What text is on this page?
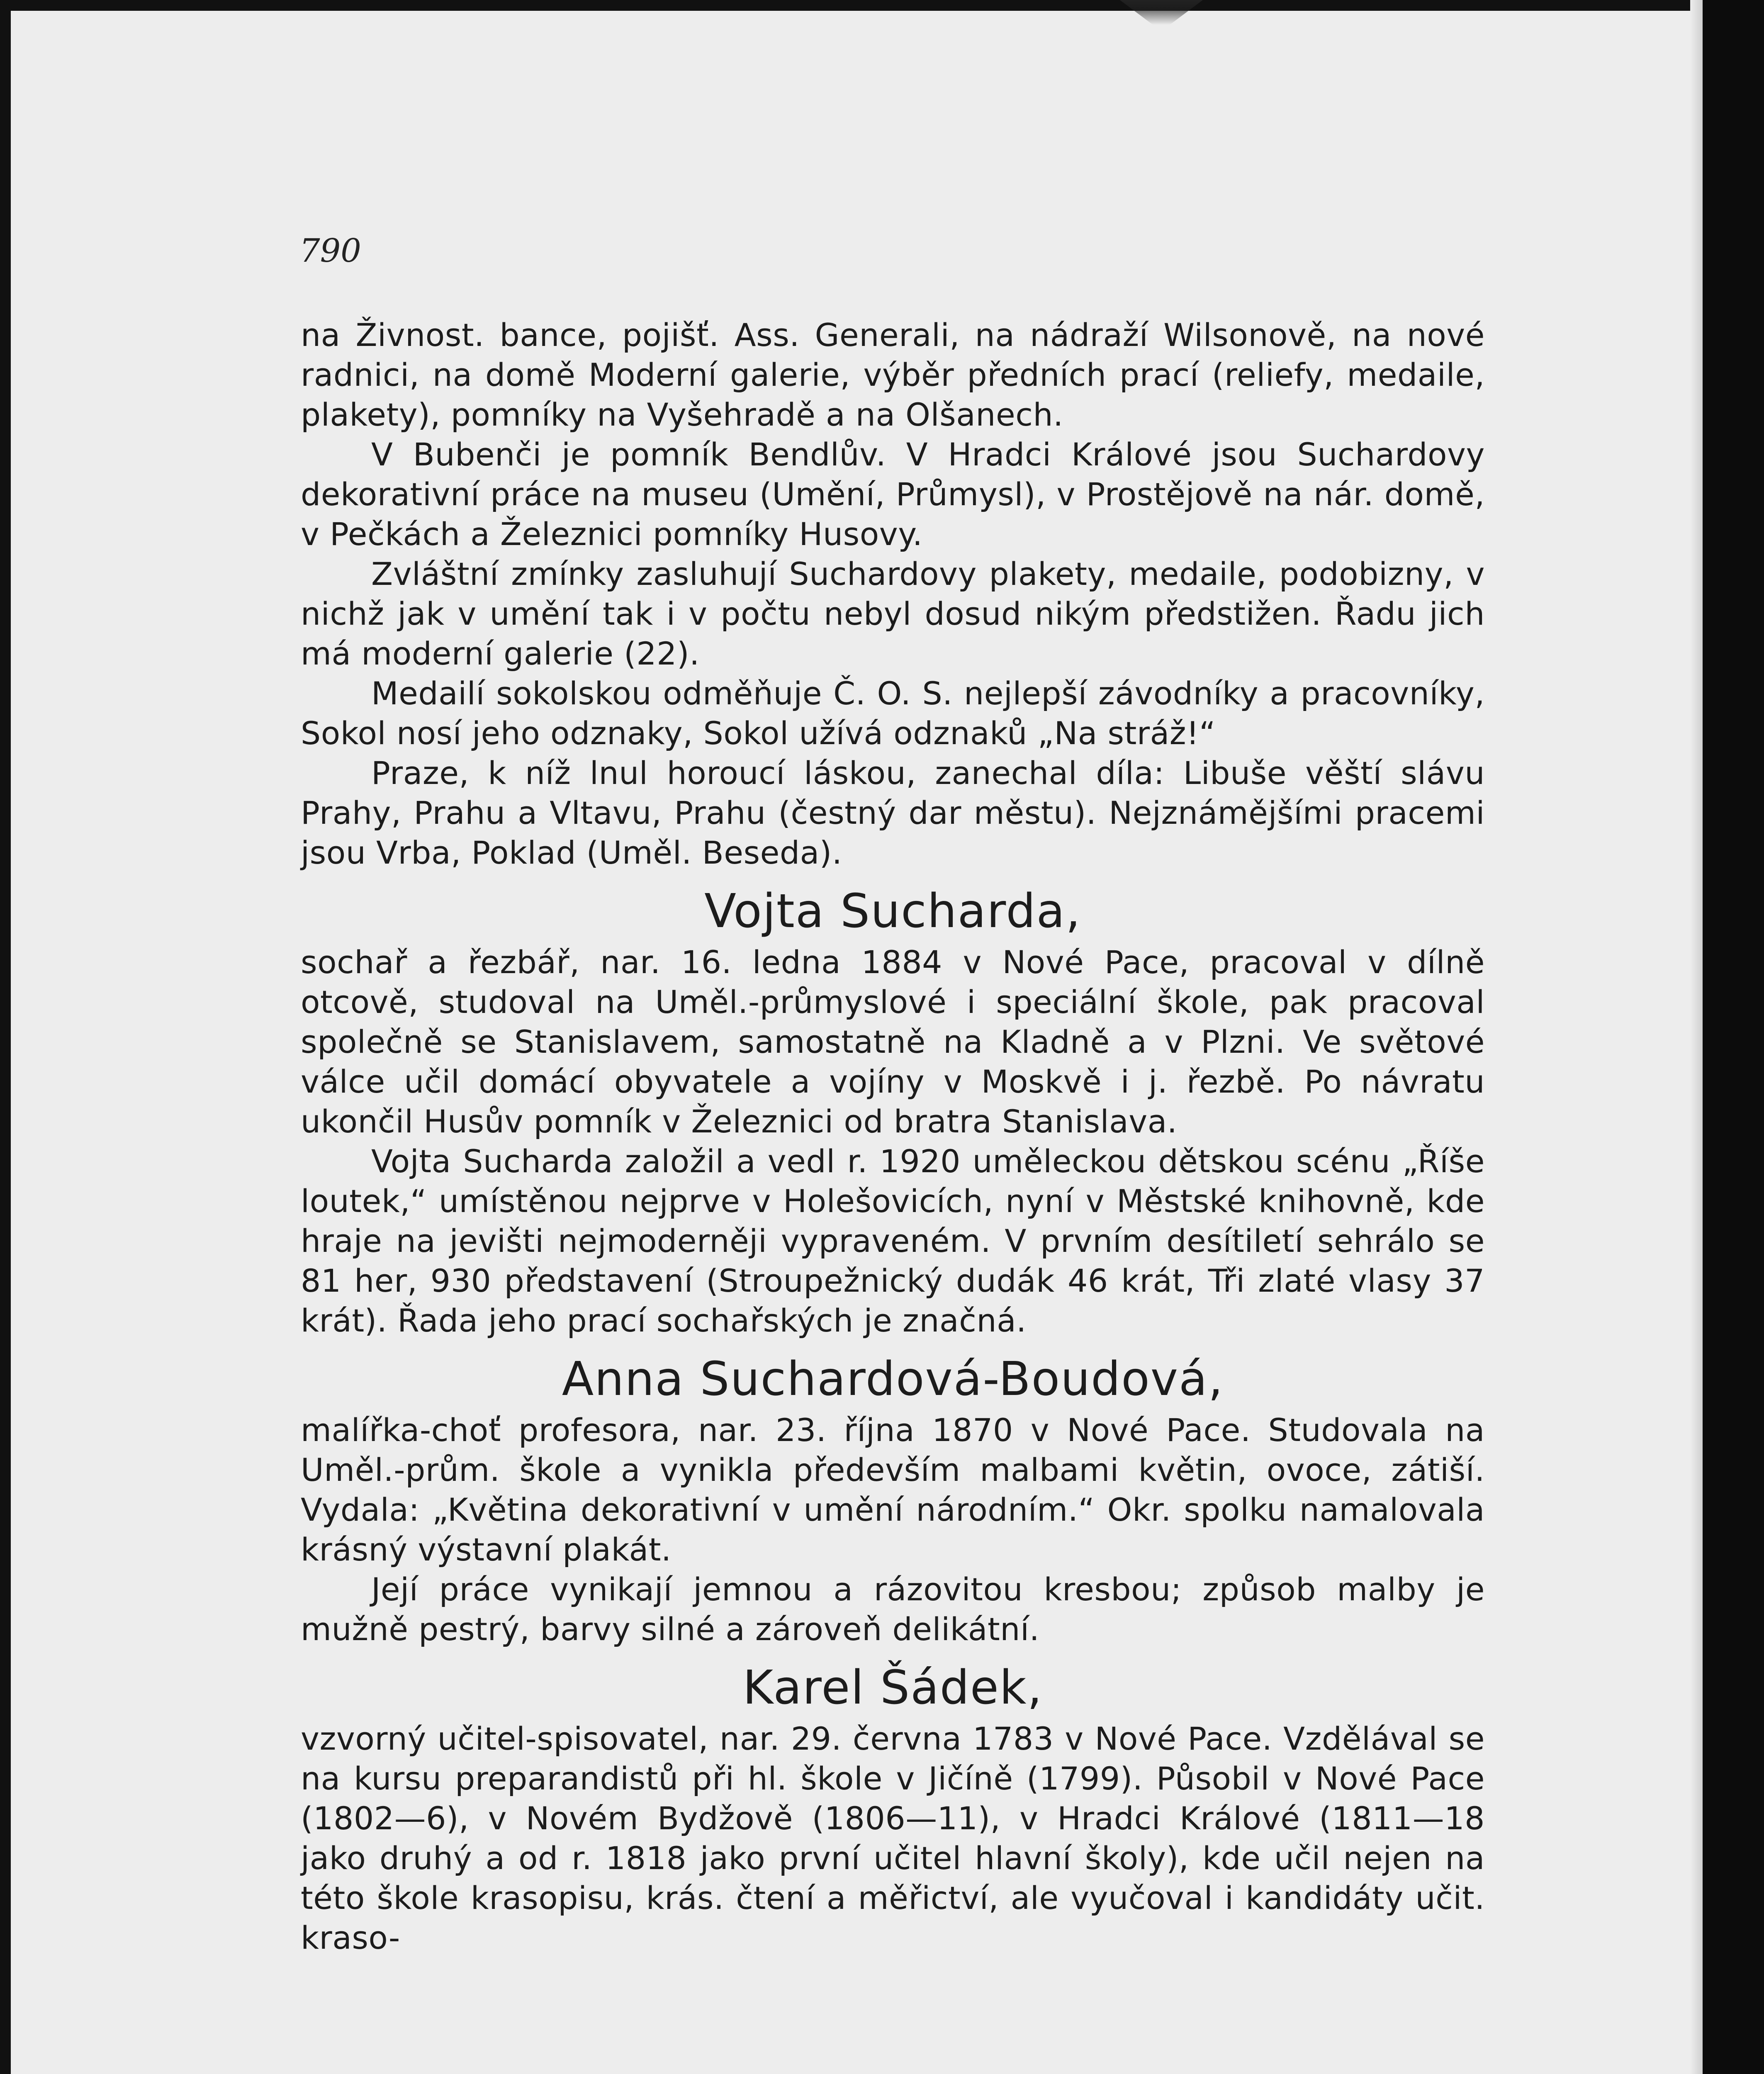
790

na Živnost. bance, pojišť. Ass. Generali, na nádraží Wilsonově, na nové radnici, na domě Moderní galerie, výběr předních prací (reliefy, medaile, plakety), pomníky na Vyšehradě a na Olšanech.

V Bubenči je pomník Bendlův. V Hradci Králové jsou Suchardovy dekorativní práce na museu (Umění, Průmysl), v Prostějově na nár. domě, v Pečkách a Železnici pomníky Husovy.

Zvláštní zmínky zasluhují Suchardovy plakety, medaile, podobizny, v nichž jak v umění tak i v počtu nebyl dosud nikým předstižen. Řadu jich má moderní galerie (22).

Medailí sokolskou odměňuje Č. O. S. nejlepší závodníky a pracovníky, Sokol nosí jeho odznaky, Sokol užívá odznaků „Na stráž!“

Praze, k níž lnul horoucí láskou, zanechal díla: Libuše věští slávu Prahy, Prahu a Vltavu, Prahu (čestný dar městu). Nejznámějšími pracemi jsou Vrba, Poklad (Uměl. Beseda).

Vojta Sucharda,

sochař a řezbář, nar. 16. ledna 1884 v Nové Pace, pracoval v dílně otcově, studoval na Uměl.-průmyslové i speciální škole, pak pracoval společně se Stanislavem, samostatně na Kladně a v Plzni. Ve světové válce učil domácí obyvatele a vojíny v Moskvě i j. řezbě. Po návratu ukončil Husův pomník v Železnici od bratra Stanislava.

Vojta Sucharda založil a vedl r. 1920 uměleckou dětskou scénu „Říše loutek,“ umístěnou nejprve v Holešovicích, nyní v Městské knihovně, kde hraje na jevišti nejmoderněji vypraveném. V prvním desítiletí sehrálo se 81 her, 930 představení (Stroupežnický dudák 46 krát, Tři zlaté vlasy 37 krát). Řada jeho prací sochařských je značná.

Anna Suchardová-Boudová,

malířka-choť profesora, nar. 23. října 1870 v Nové Pace. Studovala na Uměl.-prům. škole a vynikla především malbami květin, ovoce, zátiší. Vydala: „Květina dekorativní v umění národním.“ Okr. spolku namalovala krásný výstavní plakát.

Její práce vynikají jemnou a rázovitou kresbou; způsob malby je mužně pestrý, barvy silné a zároveň delikátní.

Karel Šádek,

vzvorný učitel-spisovatel, nar. 29. června 1783 v Nové Pace. Vzdělával se na kursu preparandistů při hl. škole v Jičíně (1799). Působil v Nové Pace (1802—6), v Novém Bydžově (1806—11), v Hradci Králové (1811—18 jako druhý a od r. 1818 jako první učitel hlavní školy), kde učil nejen na této škole krasopisu, krás. čtení a měřictví, ale vyučoval i kandidáty učit. kraso-
